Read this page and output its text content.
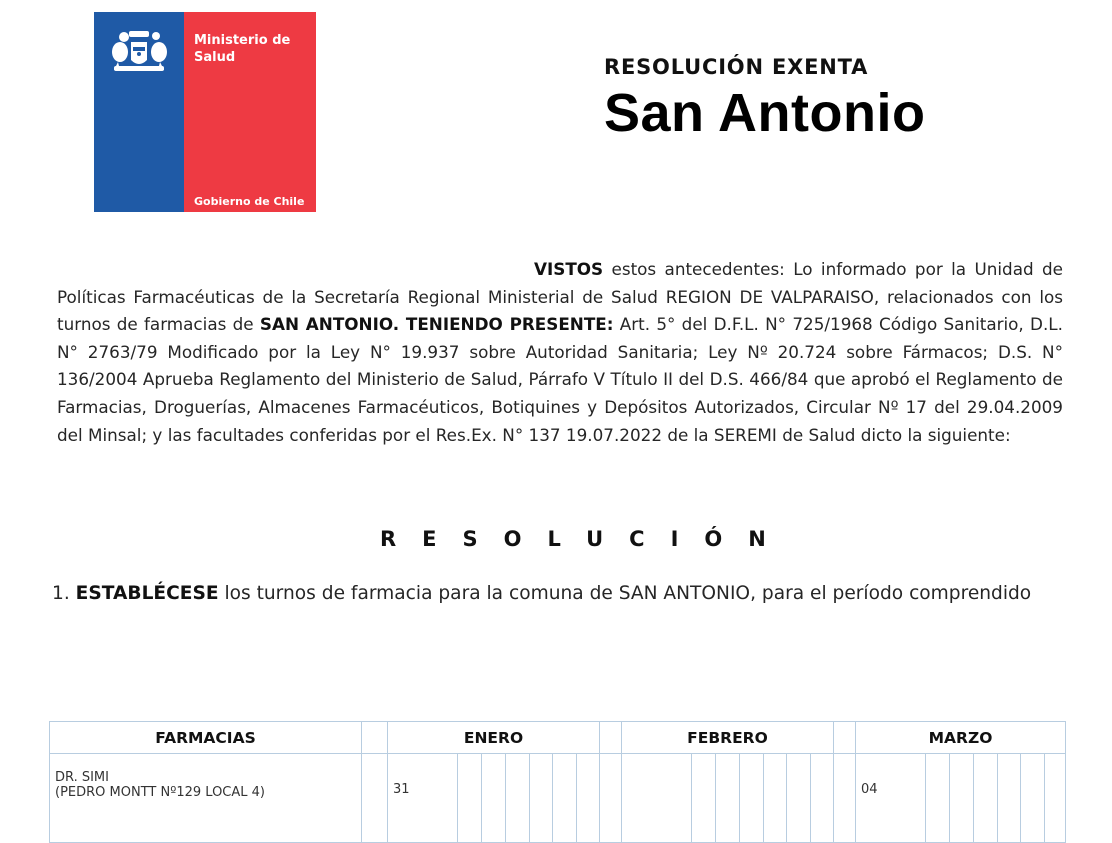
Ministerio de
Salud
Gobierno de Chile
RESOLUCIÓN EXENTA
San Antonio
VISTOS estos antecedentes: Lo informado por la Unidad de Políticas Farmacéuticas de la Secretaría Regional Ministerial de Salud REGION DE VALPARAISO, relacionados con los turnos de farmacias de SAN ANTONIO. TENIENDO PRESENTE: Art. 5° del D.F.L. N° 725/1968 Código Sanitario, D.L. N° 2763/79 Modificado por la Ley N° 19.937 sobre Autoridad Sanitaria; Ley Nº 20.724 sobre Fármacos; D.S. N° 136/2004 Aprueba Reglamento del Ministerio de Salud, Párrafo V Título II del D.S. 466/84 que aprobó el Reglamento de Farmacias, Droguerías, Almacenes Farmacéuticos, Botiquines y Depósitos Autorizados, Circular Nº 17 del 29.04.2009 del Minsal; y las facultades conferidas por el Res.Ex. N° 137 19.07.2022 de la SEREMI de Salud dicto la siguiente:
RESOLUCIÓN
1. ESTABLÉCESE los turnos de farmacia para la comuna de SAN ANTONIO, para el período comprendido
FARMACIAS		ENERO								FEBRERO								MARZO						

DR. SIMI
(PEDRO MONTT Nº129 LOCAL 4)		31																04						
